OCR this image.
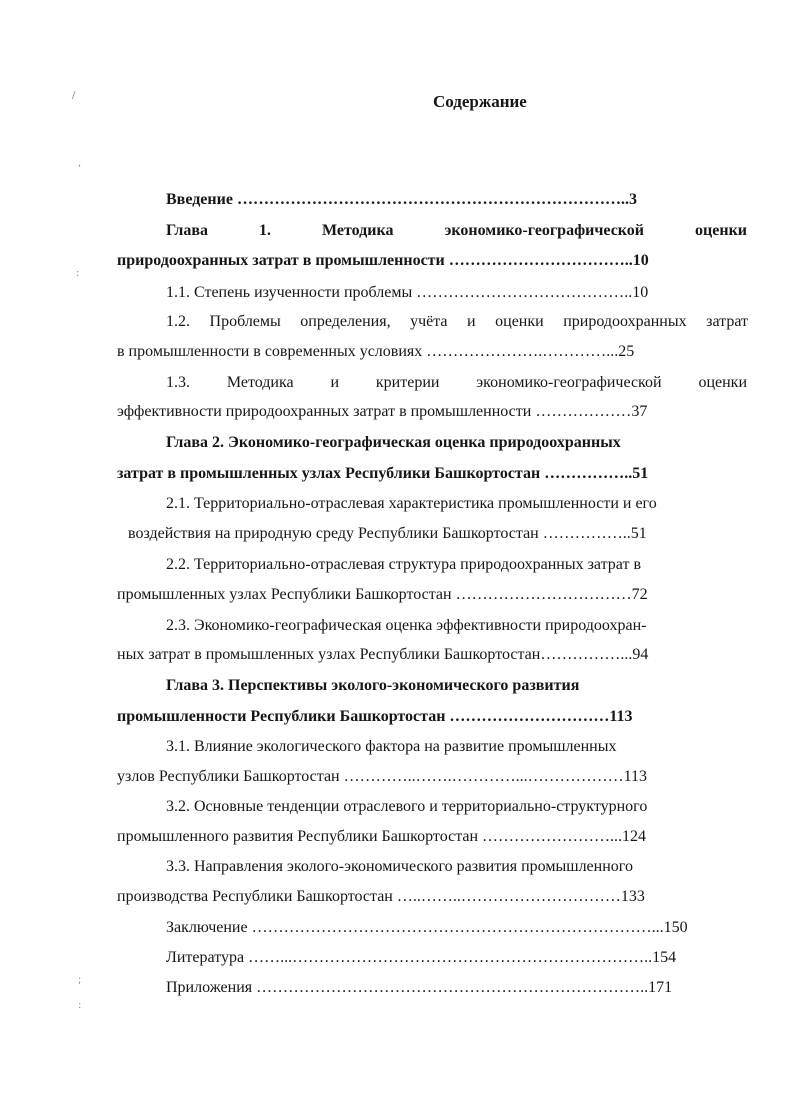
Содержание
Введение ………………………………………………………………..3
Глава 1. Методика экономико-географической оценки
природоохранных затрат в промышленности ……………………………..10
1.1. Степень изученности проблемы …………………………………..10
1.2. Проблемы определения, учёта и оценки природоохранных затрат
в промышленности в современных условиях ………………….…………...25
1.3. Методика и критерии экономико-географической оценки
эффективности природоохранных затрат в промышленности ………………37
Глава 2. Экономико-географическая оценка природоохранных
затрат в промышленных узлах Республики Башкортостан ……………..51
2.1. Территориально-отраслевая характеристика промышленности и его
воздействия на природную среду Республики Башкортостан ……………..51
2.2. Территориально-отраслевая структура природоохранных затрат в
промышленных узлах Республики Башкортостан ……………………………72
2.3. Экономико-географическая оценка эффективности природоохран-
ных затрат в промышленных узлах Республики Башкортостан……………...94
Глава 3. Перспективы эколого-экономического развития
промышленности Республики Башкортостан …………………………113
3.1. Влияние экологического фактора на развитие промышленных
узлов Республики Башкортостан …………..…….…………...………………113
3.2. Основные тенденции отраслевого и территориально-структурного
промышленного развития Республики Башкортостан ……………………...124
3.3. Направления эколого-экономического развития промышленного
производства Республики Башкортостан …..……..…………………………133
Заключение …………………………………………………………………...150
Литература ……...…………………………………………………………..154
Приложения ………………………………………………………………..171
:
/
,
;
:
